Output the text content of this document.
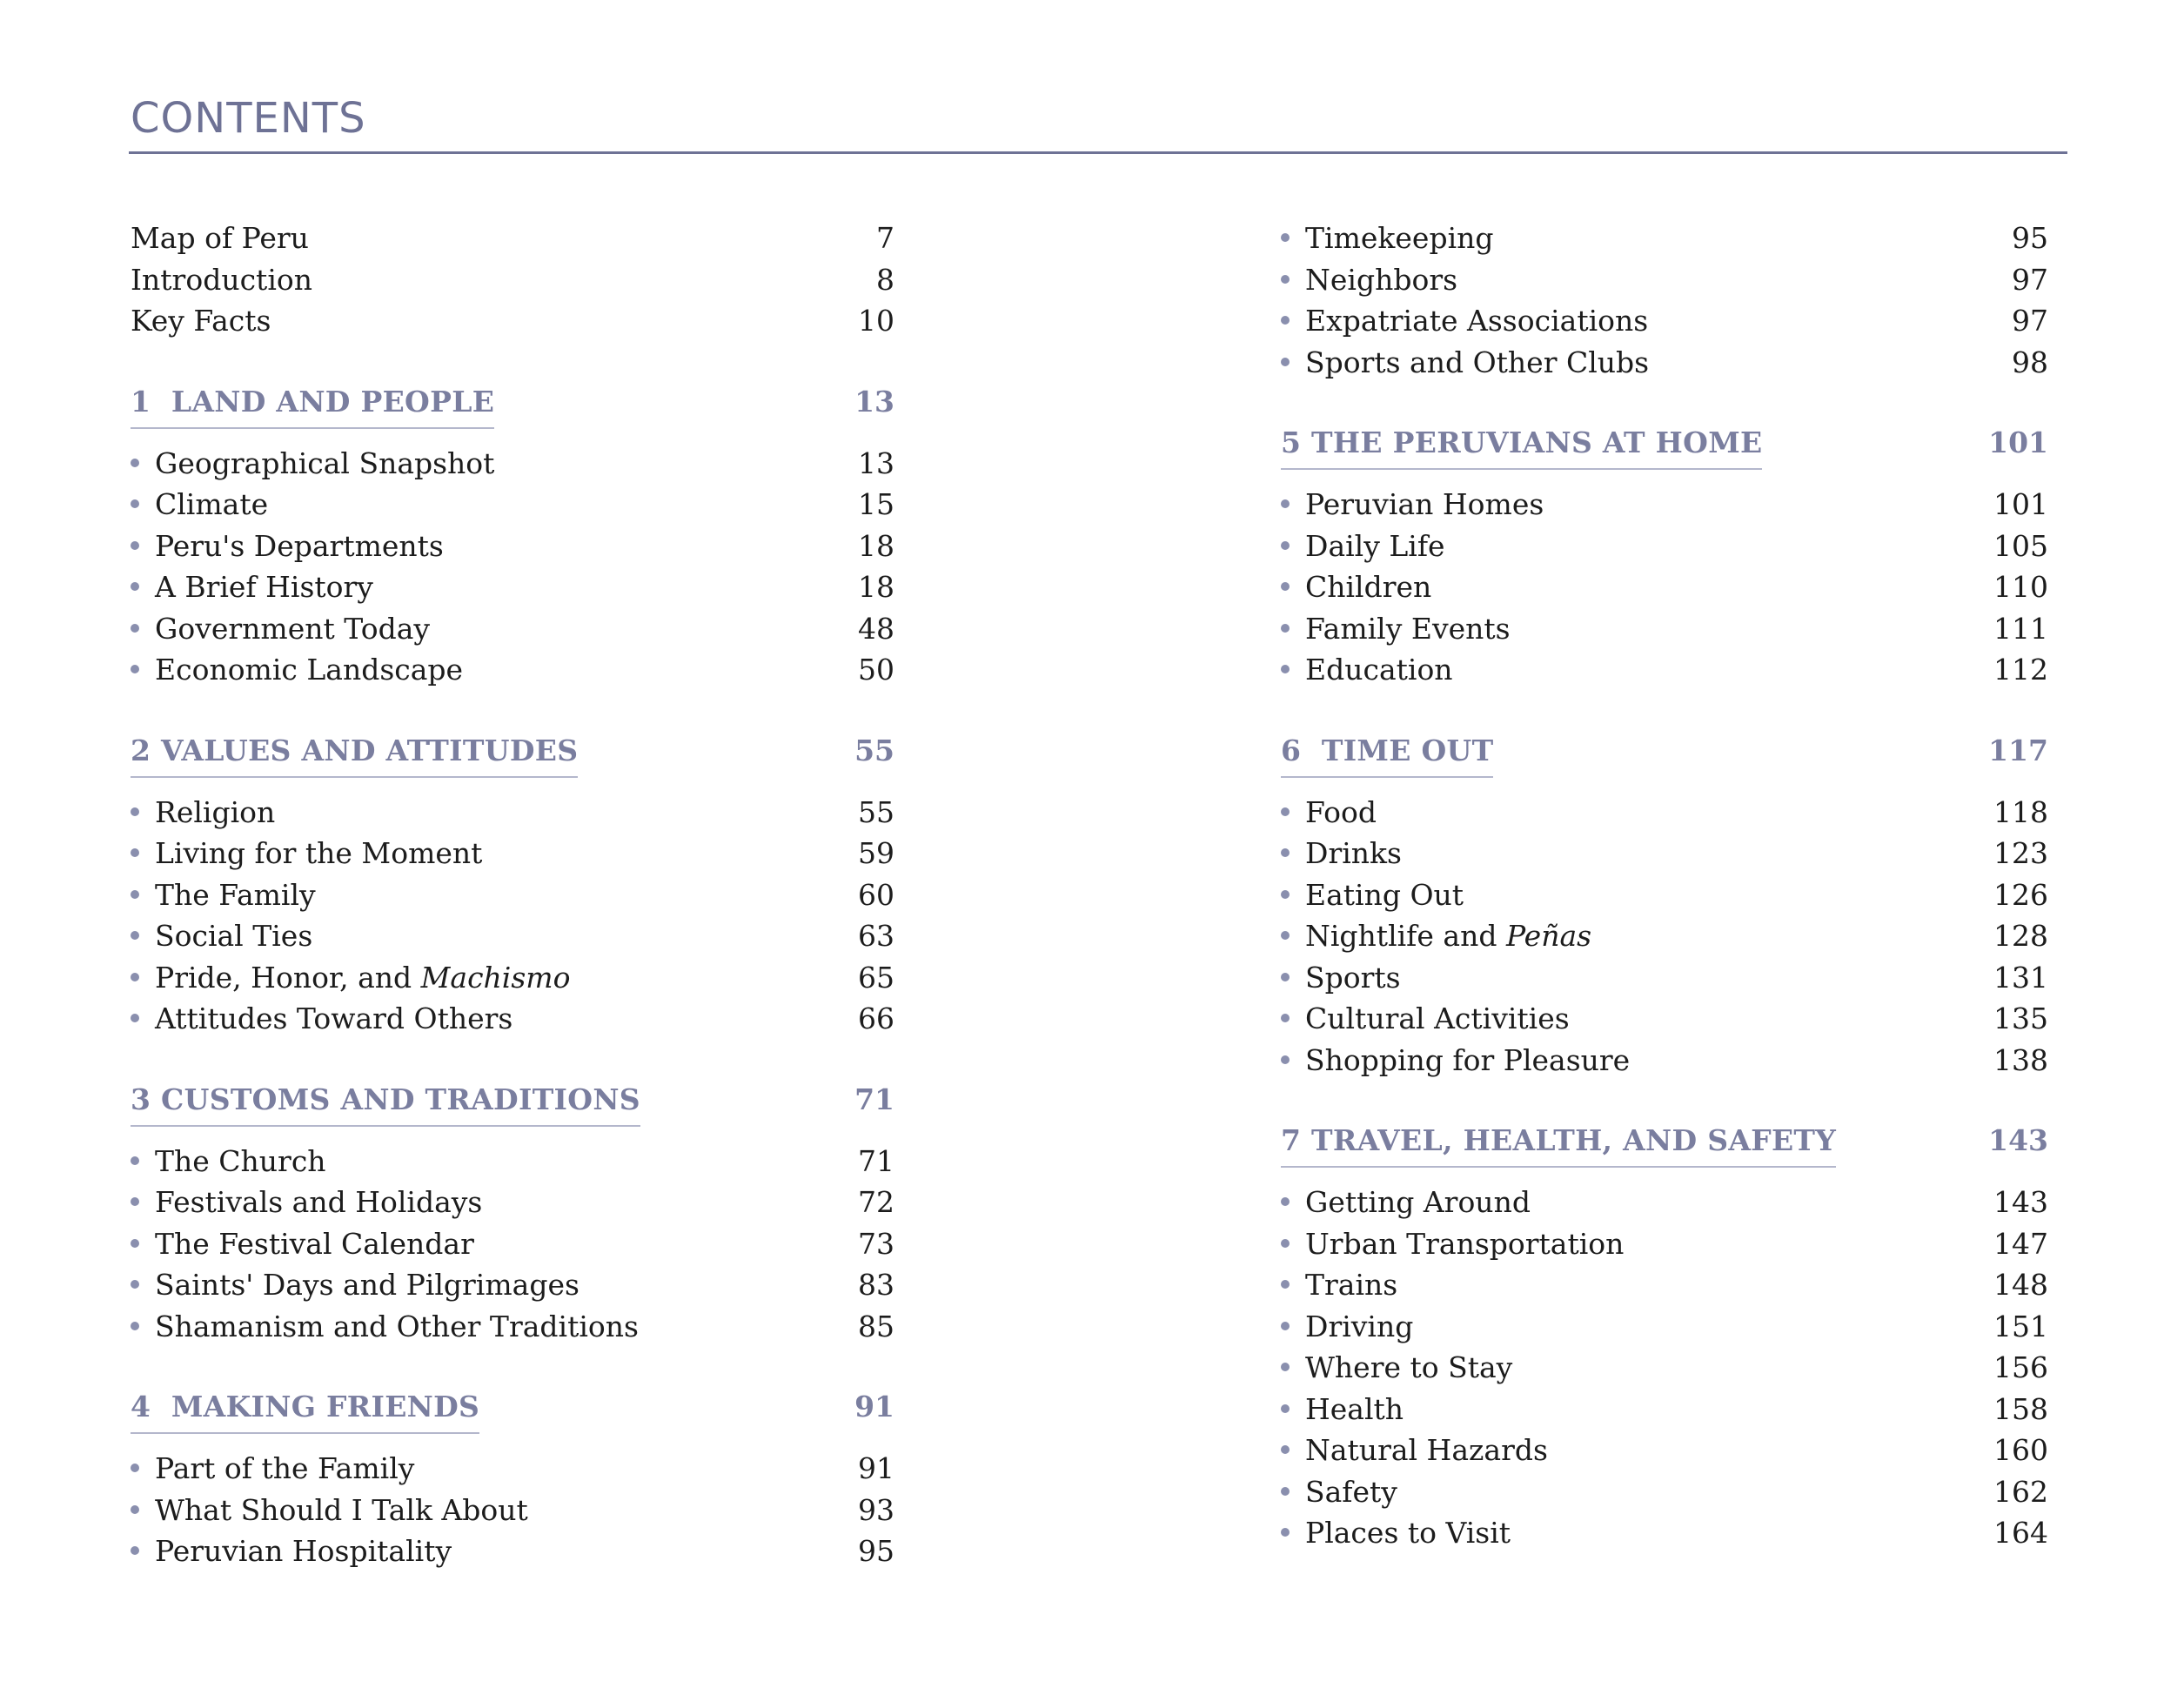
CONTENTS
Map of Peru	7
Introduction	8
Key Facts	10
1  LAND AND PEOPLE	13
Geographical Snapshot	13
Climate	15
Peru's Departments	18
A Brief History	18
Government Today	48
Economic Landscape	50
2 VALUES AND ATTITUDES	55
Religion	55
Living for the Moment	59
The Family	60
Social Ties	63
Pride, Honor, and Machismo	65
Attitudes Toward Others	66
3 CUSTOMS AND TRADITIONS	71
The Church	71
Festivals and Holidays	72
The Festival Calendar	73
Saints' Days and Pilgrimages	83
Shamanism and Other Traditions	85
4  MAKING FRIENDS	91
Part of the Family	91
What Should I Talk About	93
Peruvian Hospitality	95
Timekeeping	95
Neighbors	97
Expatriate Associations	97
Sports and Other Clubs	98
5 THE PERUVIANS AT HOME	101
Peruvian Homes	101
Daily Life	105
Children	110
Family Events	111
Education	112
6  TIME OUT	117
Food	118
Drinks	123
Eating Out	126
Nightlife and Peñas	128
Sports	131
Cultural Activities	135
Shopping for Pleasure	138
7 TRAVEL, HEALTH, AND SAFETY	143
Getting Around	143
Urban Transportation	147
Trains	148
Driving	151
Where to Stay	156
Health	158
Natural Hazards	160
Safety	162
Places to Visit	164
